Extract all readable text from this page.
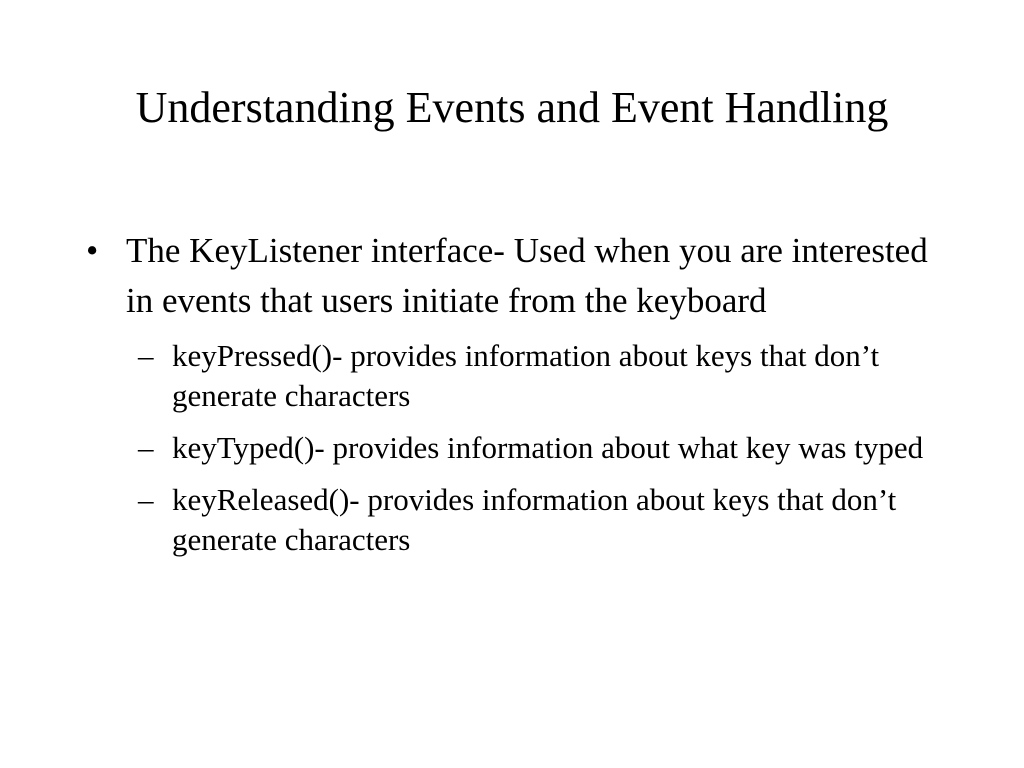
Understanding Events and Event Handling
• The KeyListener interface- Used when you are interested in events that users initiate from the keyboard
– keyPressed()- provides information about keys that don’t generate characters
– keyTyped()- provides information about what key was typed
– keyReleased()- provides information about keys that don’t generate characters
